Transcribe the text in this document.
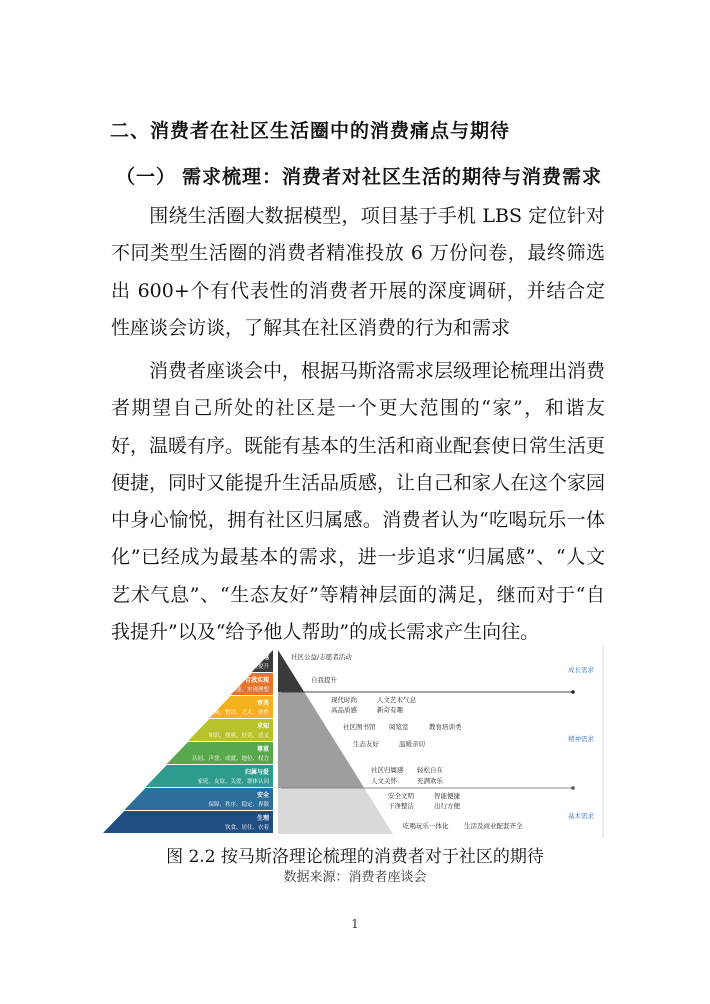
二、消费者在社区生活圈中的消费痛点与期待
（一） 需求梳理：消费者对社区生活的期待与消费需求

围绕生活圈大数据模型，项目基于手机 LBS 定位针对不同类型生活圈的消费者精准投放 6 万份问卷，最终筛选出 600+个有代表性的消费者开展的深度调研，并结合定性座谈会访谈，了解其在社区消费的行为和需求

消费者座谈会中，根据马斯洛需求层级理论梳理出消费者期望自己所处的社区是一个更大范围的“家”，和谐友好，温暖有序。既能有基本的生活和商业配套使日常生活更便捷，同时又能提升生活品质感，让自己和家人在这个家园中身心愉悦，拥有社区归属感。消费者认为“吃喝玩乐一体化”已经成为最基本的需求，进一步追求“归属感”、“人文艺术气息”、“生态友好”等精神层面的满足，继而对于“自我提升”以及“给予他人帮助”的成长需求产生向往。

自我超越
给予、公益、心灵提升
自我实现
发挥潜能、实现理想
审美
美观、整洁、艺术、创作
求知
知识、探索、好奇、意义
尊重
认同、声誉、成就、地位、权力
归属与爱
家庭、友谊、关爱、群体认同
安全
保障、秩序、稳定、界限
生理
饮食、居住、衣着
社区公益/志愿者活动
自我提升
现代时尚	人文艺术气息
高品质感	新奇有趣
社区图书馆 阅览室	教育培训类
生态友好	温暖亲切
社区归属感 轻松自在
人文关怀	充满欢乐
安全文明	智能便捷
干净整洁	出行方便
吃喝玩乐一体化 生活及商业配套齐全
成长需求
精神需求
基本需求
图 2.2 按马斯洛理论梳理的消费者对于社区的期待
数据来源：消费者座谈会
1
